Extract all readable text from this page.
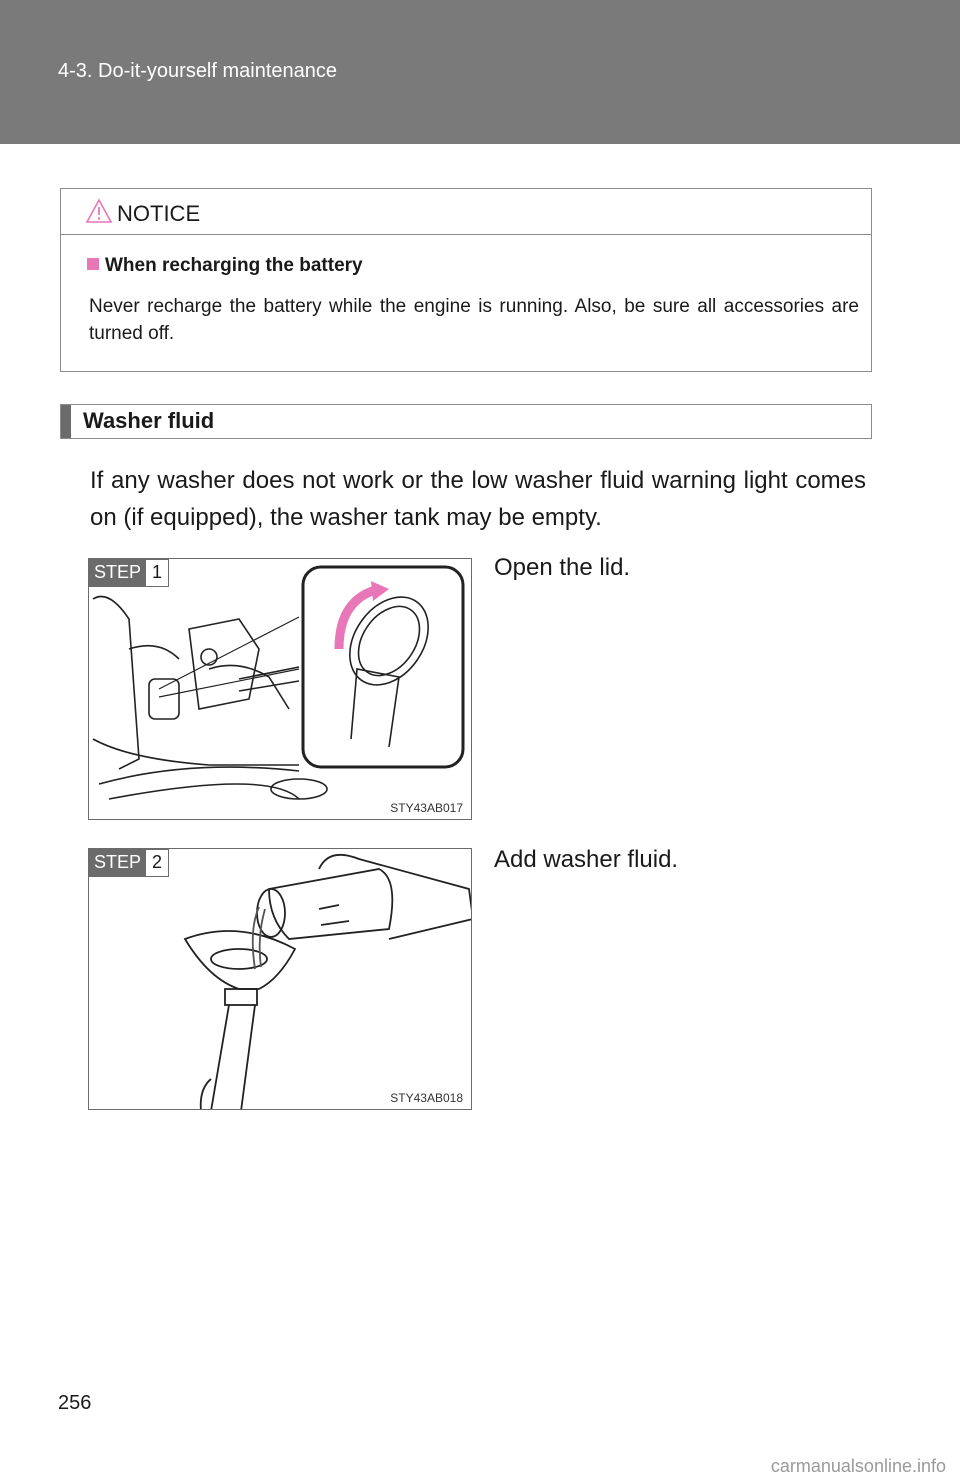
4-3. Do-it-yourself maintenance
NOTICE
When recharging the battery
Never recharge the battery while the engine is running. Also, be sure all accessories are turned off.
Washer fluid
If any washer does not work or the low washer fluid warning light comes on (if equipped), the washer tank may be empty.
STEP 1
STY43AB017
Open the lid.
STEP 2
STY43AB018
Add washer fluid.
256
carmanualsonline.info
